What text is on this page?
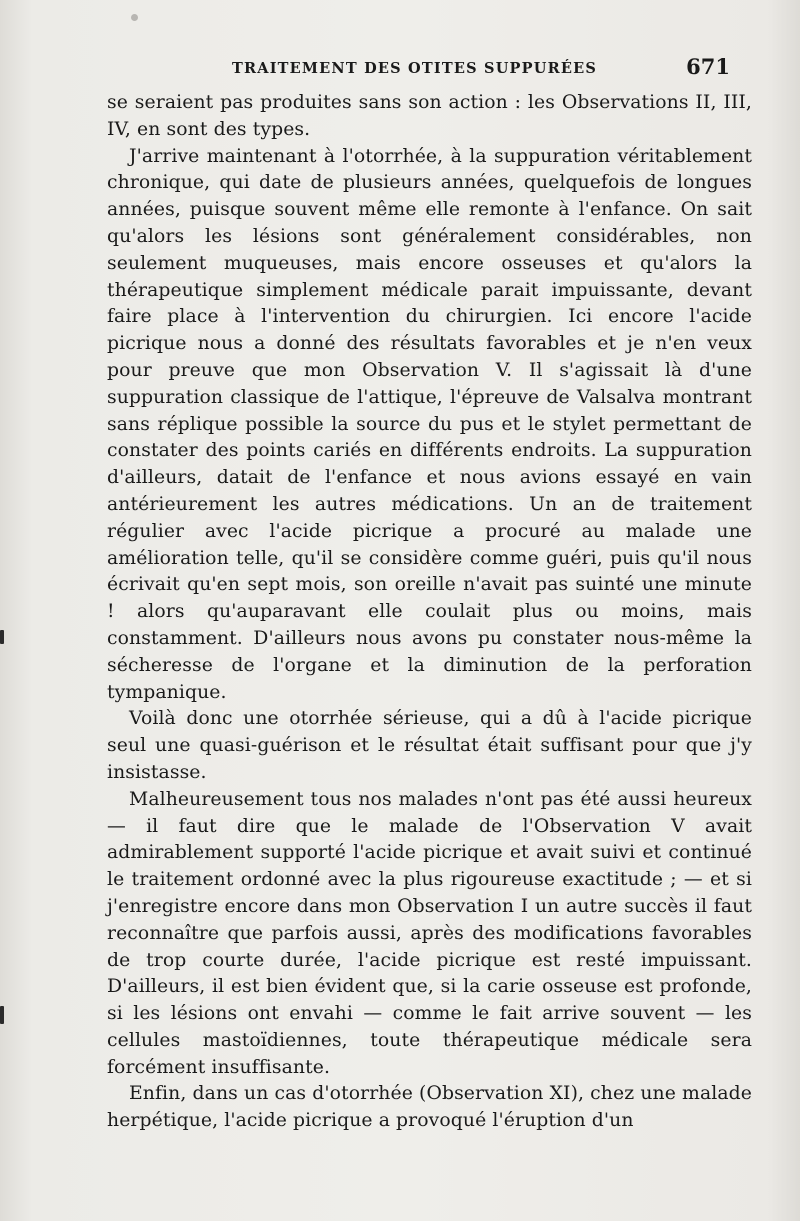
TRAITEMENT DES OTITES SUPPURÉES	671

se seraient pas produites sans son action : les Observations II, III, IV, en sont des types.

J'arrive maintenant à l'otorrhée, à la suppuration véritablement chronique, qui date de plusieurs années, quelquefois de longues années, puisque souvent même elle remonte à l'enfance. On sait qu'alors les lésions sont généralement considérables, non seulement muqueuses, mais encore osseuses et qu'alors la thérapeutique simplement médicale parait impuissante, devant faire place à l'intervention du chirurgien. Ici encore l'acide picrique nous a donné des résultats favorables et je n'en veux pour preuve que mon Observation V. Il s'agissait là d'une suppuration classique de l'attique, l'épreuve de Valsalva montrant sans réplique possible la source du pus et le stylet permettant de constater des points cariés en différents endroits. La suppuration d'ailleurs, datait de l'enfance et nous avions essayé en vain antérieurement les autres médications. Un an de traitement régulier avec l'acide picrique a procuré au malade une amélioration telle, qu'il se considère comme guéri, puis qu'il nous écrivait qu'en sept mois, son oreille n'avait pas suinté une minute ! alors qu'auparavant elle coulait plus ou moins, mais constamment. D'ailleurs nous avons pu constater nous-même la sécheresse de l'organe et la diminution de la perforation tympanique.

Voilà donc une otorrhée sérieuse, qui a dû à l'acide picrique seul une quasi-guérison et le résultat était suffisant pour que j'y insistasse.

Malheureusement tous nos malades n'ont pas été aussi heureux — il faut dire que le malade de l'Observation V avait admirablement supporté l'acide picrique et avait suivi et continué le traitement ordonné avec la plus rigoureuse exactitude ; — et si j'enregistre encore dans mon Observation I un autre succès il faut reconnaître que parfois aussi, après des modifications favorables de trop courte durée, l'acide picrique est resté impuissant. D'ailleurs, il est bien évident que, si la carie osseuse est profonde, si les lésions ont envahi — comme le fait arrive souvent — les cellules mastoïdiennes, toute thérapeutique médicale sera forcément insuffisante.

Enfin, dans un cas d'otorrhée (Observation XI), chez une malade herpétique, l'acide picrique a provoqué l'éruption d'un
